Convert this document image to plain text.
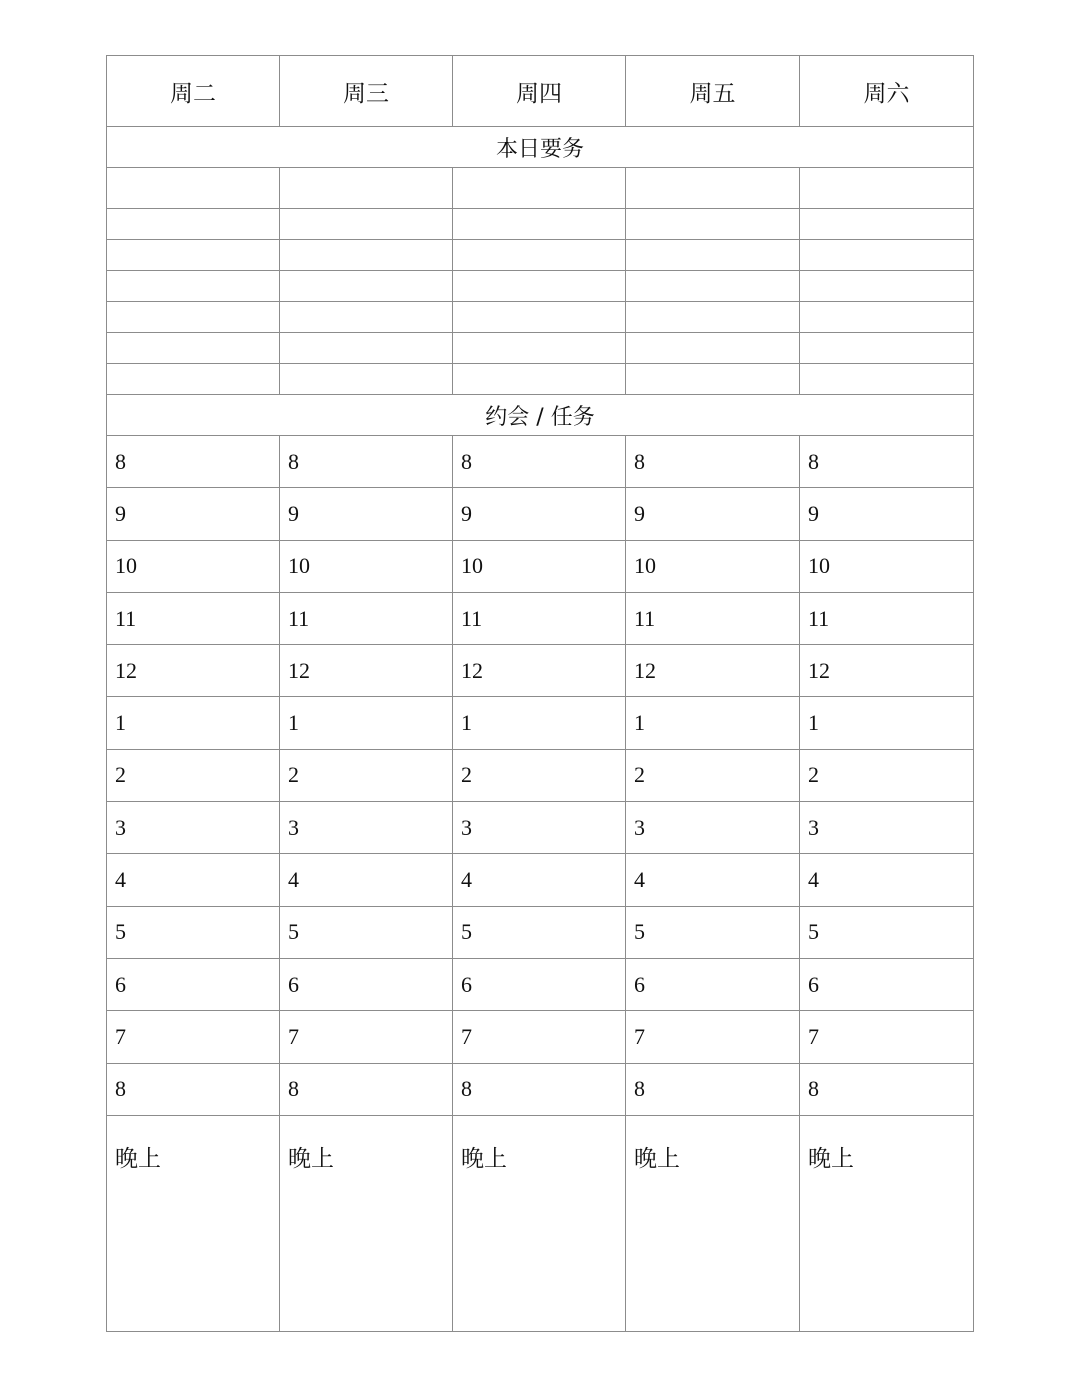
周二	周三	周四	周五	周六
本日要务				

约会 / 任务				
8	8	8	8	8
9	9	9	9	9
10	10	10	10	10
11	11	11	11	11
12	12	12	12	12
1	1	1	1	1
2	2	2	2	2
3	3	3	3	3
4	4	4	4	4
5	5	5	5	5
6	6	6	6	6
7	7	7	7	7
8	8	8	8	8
晚上	晚上	晚上	晚上	晚上
